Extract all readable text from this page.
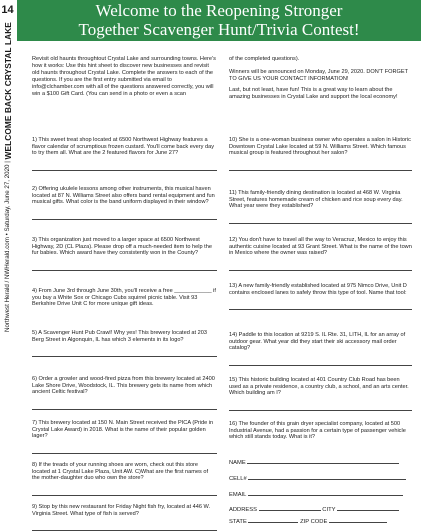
14
Northwest Herald / NWHerald.com • Saturday, June 27, 2020 | WELCOME BACK CRYSTAL LAKE
Welcome to the Reopening Stronger
Together Scavenger Hunt/Trivia Contest!
Revisit old haunts throughtout Crystal Lake and surrounding towns. Here's how it works: Use this hint sheet to discover new businesses and revisit old haunts throughout Crystal Lake. Complete the answers to each of the questions. If you are the first entry submitted via email to info@clchamber.com with all of the questions answered correctly, you will win a $100 Gift Card. (You can send in a photo or even a scan

1) This sweet treat shop located at 6500 Northwest Highway features a flavor calendar of scrumptious frozen custard. You'll come back every day to try them all. What are the 2 featured flavors for June 27?

2) Offering ukulele lessons among other instruments, this musical haven located at 87 N. Williams Street also offers band rental equipment and fun musical gifts. What color is the band uniform displayed in their window?

3) This organization just moved to a larger space at 6500 Northwest Highway, 2D (CL Plaza). Please drop off a much-needed item to help the fur babies. Which award have they consistently won in the County?

4) From June 3rd through June 30th, you'll receive a free ____________ if you buy a White Sox or Chicago Cubs squirrel picnic table. Visit 93 Berkshire Drive Unit C for more unique gift ideas.

5) A Scavenger Hunt Pub Crawl! Why yes! This brewery located at 203 Berg Street in Algonquin, IL has which 3 elements in its logo?

6) Order a growler and wood-fired pizza from this brewery located at 2400 Lake Shore Drive, Woodstock, IL. This brewery gets its name from which ancient Celtic festival?

7) This brewery located at 150 N. Main Street received the PICA (Pride in Crystal Lake Award) in 2018. What is the name of their popular golden lager?

8) If the treads of your running shoes are worn, check out this store located at 1 Crystal Lake Plaza, Unit AW. C)What are the first names of the mother-daughter duo who own the store?

9) Stop by this new restaurant for Friday Night fish fry, located at 446 W. Virginia Street. What type of fish is served?

of the completed questions).

Winners will be announced on Monday, June 29, 2020. DON'T FORGET TO GIVE US YOUR CONTACT INFORMATION!

Last, but not least, have fun! This is a great way to learn about the amazing businesses in Crystal Lake and support the local economy!

10) She is a one-woman business owner who operates a salon in Historic Downtown Crystal Lake located at 59 N. Williams Street. Which famous musical group is featured throughout her salon?

11) This family-friendly dining destination is located at 468 W. Virginia Street, features homemade cream of chicken and rice soup every day. What year were they established?

12) You don't have to travel all the way to Veracruz, Mexico to enjoy this authentic cuisine located at 93 Grant Street. What is the name of the town in Mexico where the owner was raised?

13) A new family-friendly established located at 975 Nimco Drive, Unit D contains enclosed lanes to safely throw this type of tool. Name that tool:

14) Paddle to this location at 9219 S. IL Rte. 31, LITH, IL for an array of outdoor gear. What year did they start their ski accessory mail order catalog?

15) This historic building located at 401 Country Club Road has been used as a private residence, a country club, a school, and an arts center. Which building am I?

16) The founder of this grain dryer specialist company, located at 500 Industrial Avenue, had a passion for a certain type of passenger vehicle which still stands today. What is it?

NAME
CELL#
EMAIL
ADDRESS	CITY
STATE	ZIP CODE
